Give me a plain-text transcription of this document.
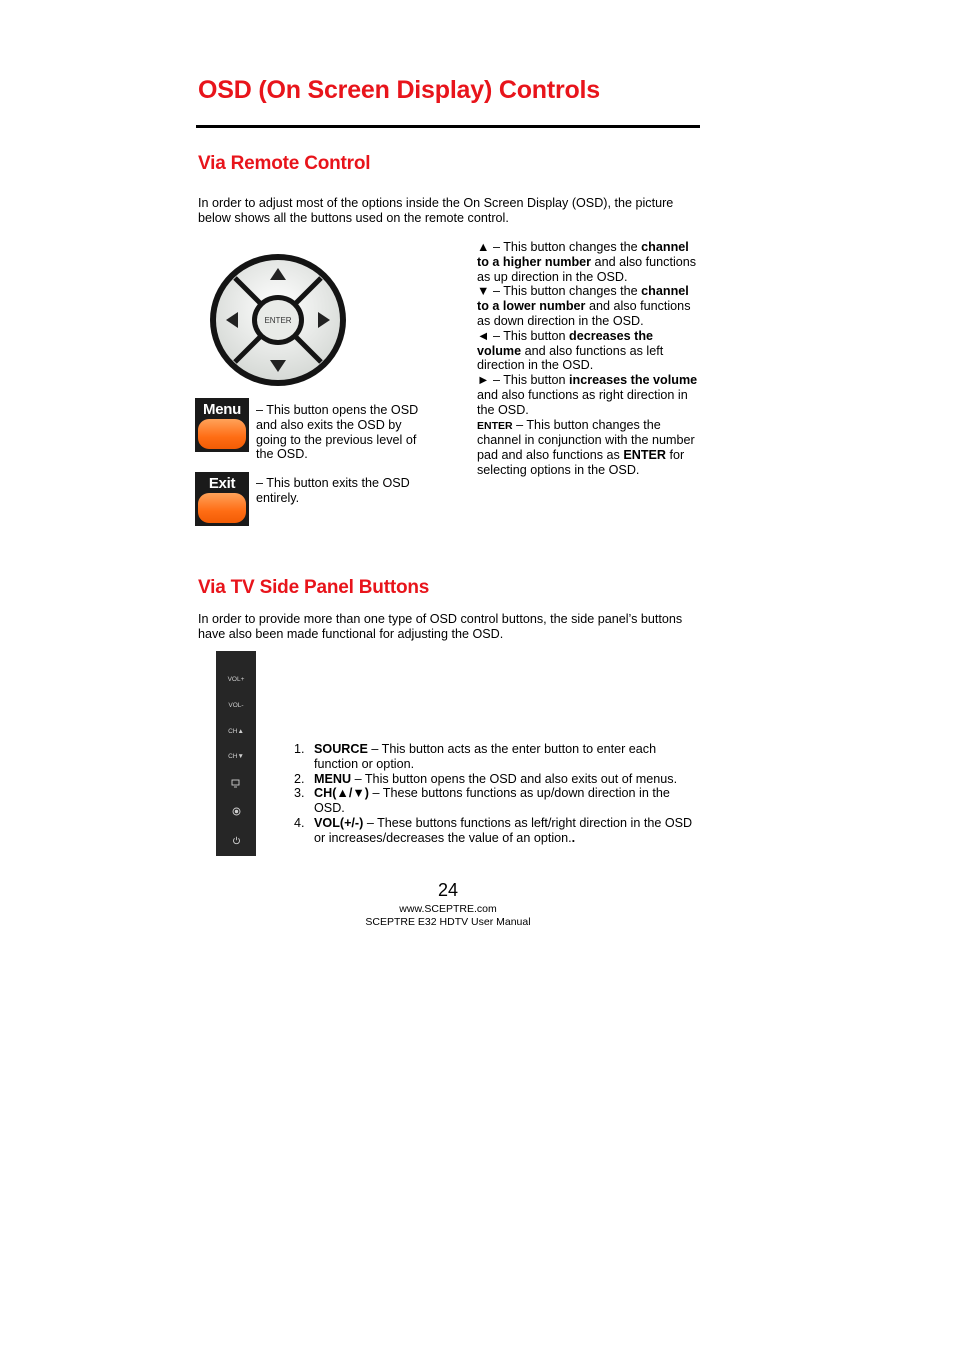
OSD (On Screen Display) Controls
Via Remote Control
In order to adjust most of the options inside the On Screen Display (OSD), the picture below shows all the buttons used on the remote control.
ENTER
Menu	– This button opens the OSD and also exits the OSD by going to the previous level of the OSD.
Exit	– This button exits the OSD entirely.
▲ – This button changes the channel to a higher number and also functions as up direction in the OSD.
▼ – This button changes the channel to a lower number and also functions as down direction in the OSD.
◄ – This button decreases the volume and also functions as left direction in the OSD.
► – This button increases the volume and also functions as right direction in the OSD.
ENTER – This button changes the channel in conjunction with the number pad and also functions as ENTER for selecting options in the OSD.
Via TV Side Panel Buttons
In order to provide more than one type of OSD control buttons, the side panel’s buttons have also been made functional for adjusting the OSD.
VOL+
VOL-
CH▲
CH▼
1. SOURCE – This button acts as the enter button to enter each function or option.
2. MENU – This button opens the OSD and also exits out of menus.
3. CH(▲/▼) – These buttons functions as up/down direction in the OSD.
4. VOL(+/-) – These buttons functions as left/right direction in the OSD or increases/decreases the value of an option..
24
www.SCEPTRE.com
SCEPTRE E32 HDTV User Manual
